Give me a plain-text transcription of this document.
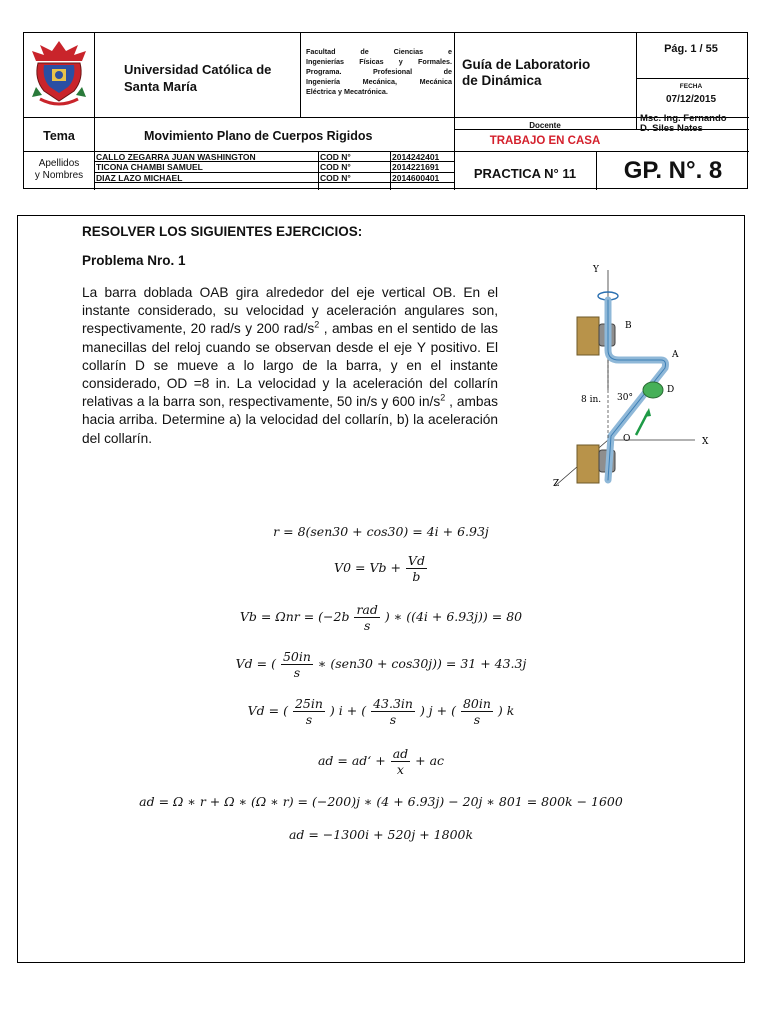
Universidad Católica de
Santa María
Facultad de Ciencias e
Ingenierías Físicas y Formales.
Programa. Profesional de
Ingeniería Mecánica, Mecánica
Eléctrica y Mecatrónica.
Guía de Laboratorio
de Dinámica
Pág. 1 / 55
FECHA
07/12/2015
Tema	Movimiento Plano de Cuerpos Rigidos
Docente
TRABAJO EN CASA
Msc. Ing. Fernando
D. Siles Nates
Apellidos
y Nombres
CALLO ZEGARRA JUAN WASHINGTON	COD N°	2014242401
TICONA CHAMBI SAMUEL	COD N°	2014221691
DIAZ LAZO MICHAEL	COD N°	2014600401	PRACTICA N° 11	GP. N°. 8
RESOLVER LOS SIGUIENTES EJERCICIOS:
Problema Nro. 1
La barra doblada OAB gira alrededor del eje vertical OB. En el instante considerado, su velocidad y aceleración angulares son, respectivamente, 20 rad/s y 200 rad/$s^2$ , ambas en el sentido de las manecillas del reloj cuando se observan desde el eje Y positivo. El collarín D se mueve a lo largo de la barra, y en el instante considerado, OD =8 in. La velocidad y la aceleración del collarín relativas a la barra son, respectivamente, 50 in/s y 600 $in/s^2$ , ambas hacia arriba. Determine a) la velocidad del collarín, b) la aceleración del collarín.
Y
X
Z
8 in. 30°
B
A
D
O
r = 8(sen30 + cos30) = 4i + 6.93j
$V0 = Vb + \frac{Vd}{b}$
$Vb = \Omega nr = (-2b \frac{\text{rad}}{s}$ ) ∗ ((4i + 6.93j)) = 80
Vd = ( $\frac{50in}{s}$ ∗ (sen30 + cos30j)) = 31 + 43.3j
Vd = ( $\frac{25in}{s}$ ) i + ( $\frac{43.3in}{s}$ ) j + ( $\frac{80in}{s}$ ) k
ad = ad‘ + $\frac{ad}{x}$ + ac
ad = Ω ∗ r + Ω ∗ (Ω ∗ r) = (−200)j ∗ (4 + 6.93j) − 20j ∗ 801 = 800k − 1600
ad = −1300i + 520j + 1800k
